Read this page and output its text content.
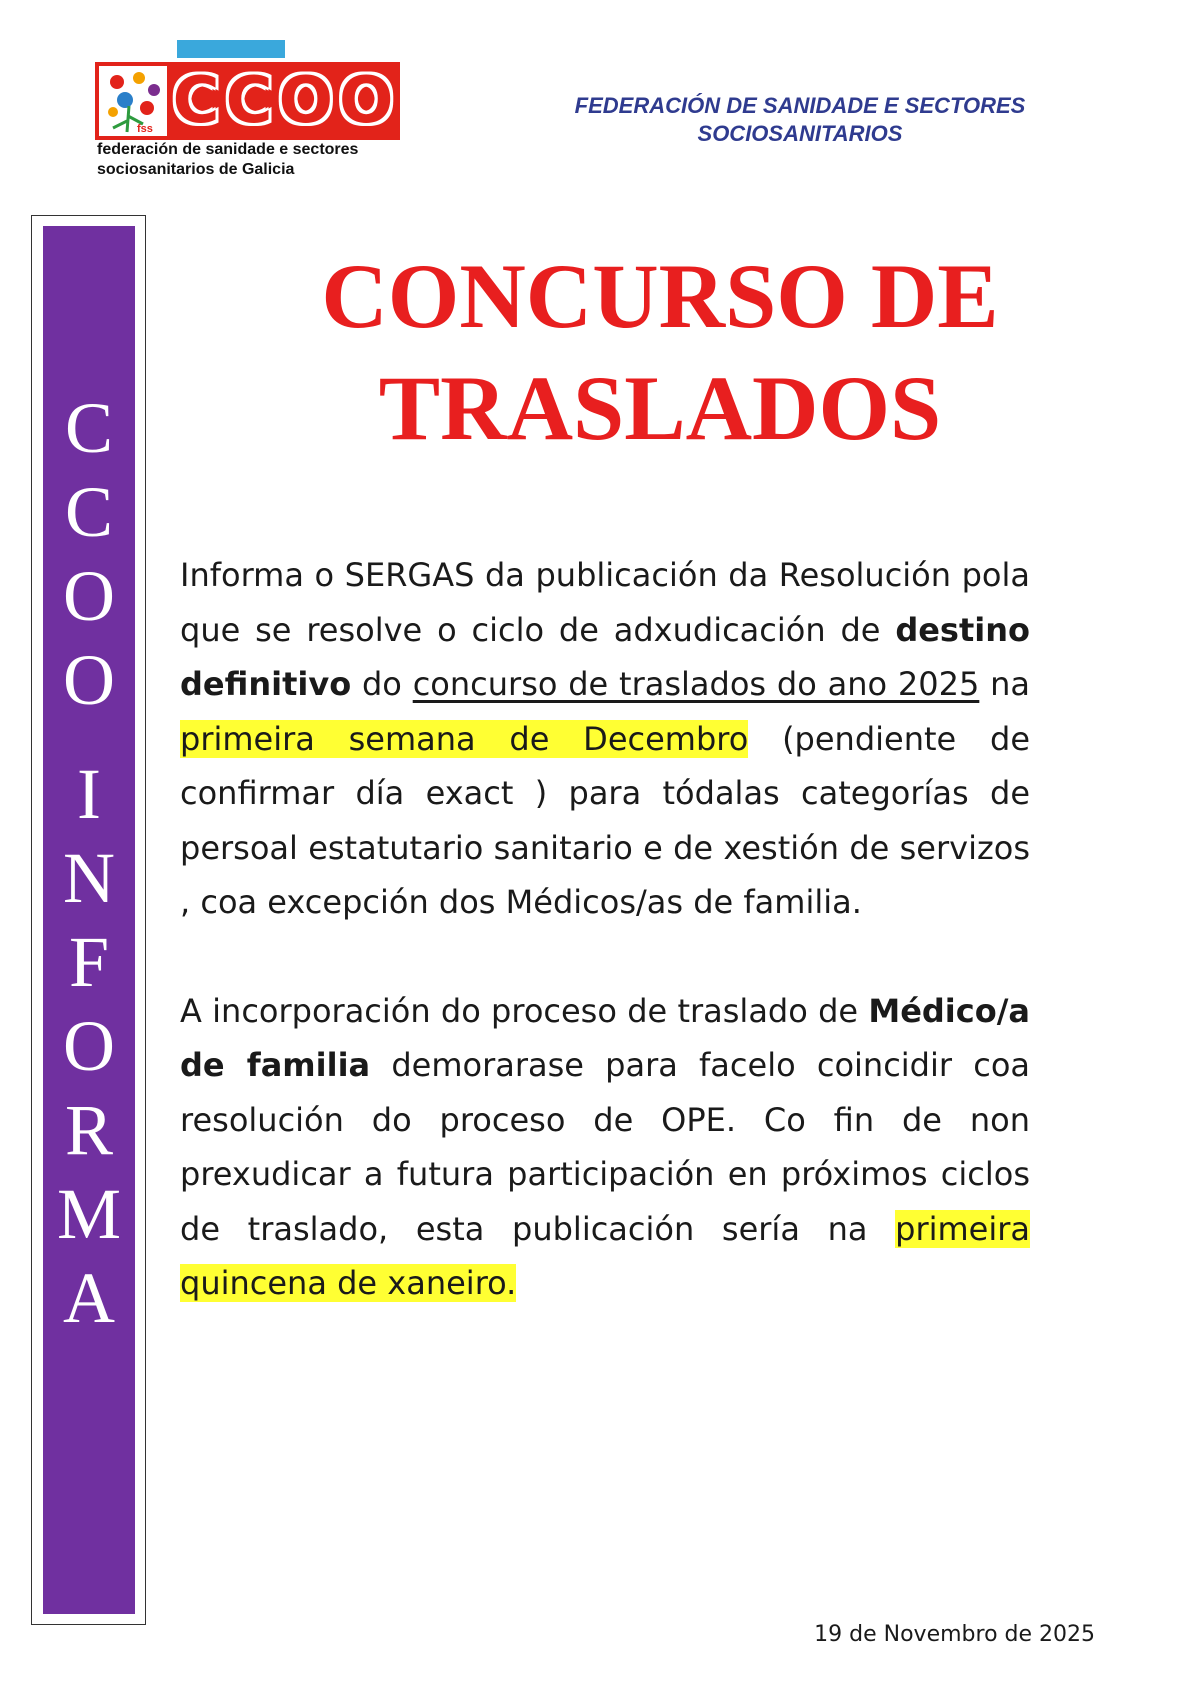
fss CCOO
federación de sanidade e sectores
sociosanitarios de Galicia
FEDERACIÓN DE SANIDADE E SECTORES
SOCIOSANITARIOS
C
C
O
O
I
N
F
O
R
M
A
CONCURSO DE
TRASLADOS

Informa o SERGAS da publicación da Resolución pola que se resolve o ciclo de adxudicación de destino definitivo do concurso de traslados do ano 2025 na primeira semana de Decembro (pendiente de confirmar día exact ) para tódalas categorías de persoal estatutario sanitario e de xestión de servizos , coa excepción dos Médicos/as de familia.

A incorporación do proceso de traslado de Médico/a de familia demorarase para facelo coincidir coa resolución do proceso de OPE. Co fin de non prexudicar a futura participación en próximos ciclos de traslado, esta publicación sería na primeira quincena de xaneiro.

19 de Novembro de 2025
